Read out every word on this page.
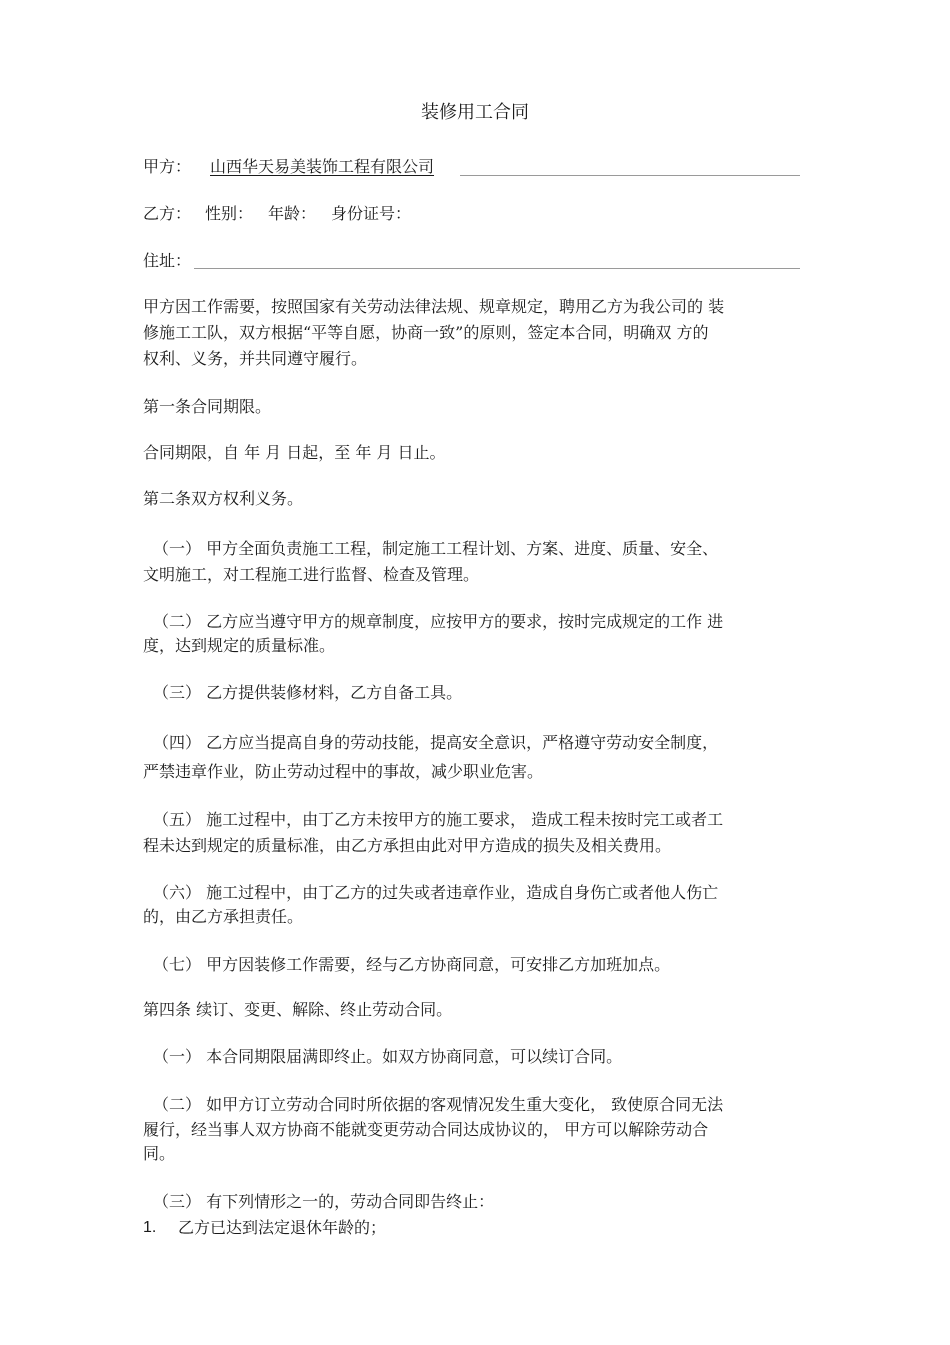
装修用工合同
甲方： 山西华天易美装饰工程有限公司
乙方： 性别： 年龄： 身份证号：
住址：
甲方因工作需要，按照国家有关劳动法律法规、规章规定，聘用乙方为我公司的 装
修施工工队，双方根据“平等自愿，协商一致”的原则，签定本合同，明确双 方的
权利、义务，并共同遵守履行。
第一条合同期限。
合同期限，自 年 月 日起，至 年 月 日止。
第二条双方权利义务。
（一） 甲方全面负责施工工程，制定施工工程计划、方案、进度、质量、安全、
文明施工，对工程施工进行监督、检查及管理。
（二） 乙方应当遵守甲方的规章制度，应按甲方的要求，按时完成规定的工作 进
度，达到规定的质量标准。
（三） 乙方提供装修材料，乙方自备工具。
（四） 乙方应当提高自身的劳动技能，提高安全意识，严格遵守劳动安全制度，
严禁违章作业，防止劳动过程中的事故，减少职业危害。
（五） 施工过程中，由丁乙方未按甲方的施工要求， 造成工程未按时完工或者工
程未达到规定的质量标准，由乙方承担由此对甲方造成的损失及相关费用。
（六） 施工过程中，由丁乙方的过失或者违章作业，造成自身伤亡或者他人伤亡
的，由乙方承担责任。
（七） 甲方因装修工作需要，经与乙方协商同意，可安排乙方加班加点。
第四条 续订、变更、解除、终止劳动合同。
（一） 本合同期限届满即终止。如双方协商同意，可以续订合同。
（二） 如甲方订立劳动合同时所依据的客观情况发生重大变化， 致使原合同无法
履行，经当事人双方协商不能就变更劳动合同达成协议的， 甲方可以解除劳动合
同。
（三） 有下列情形之一的，劳动合同即告终止：
1. 乙方已达到法定退休年龄的；
